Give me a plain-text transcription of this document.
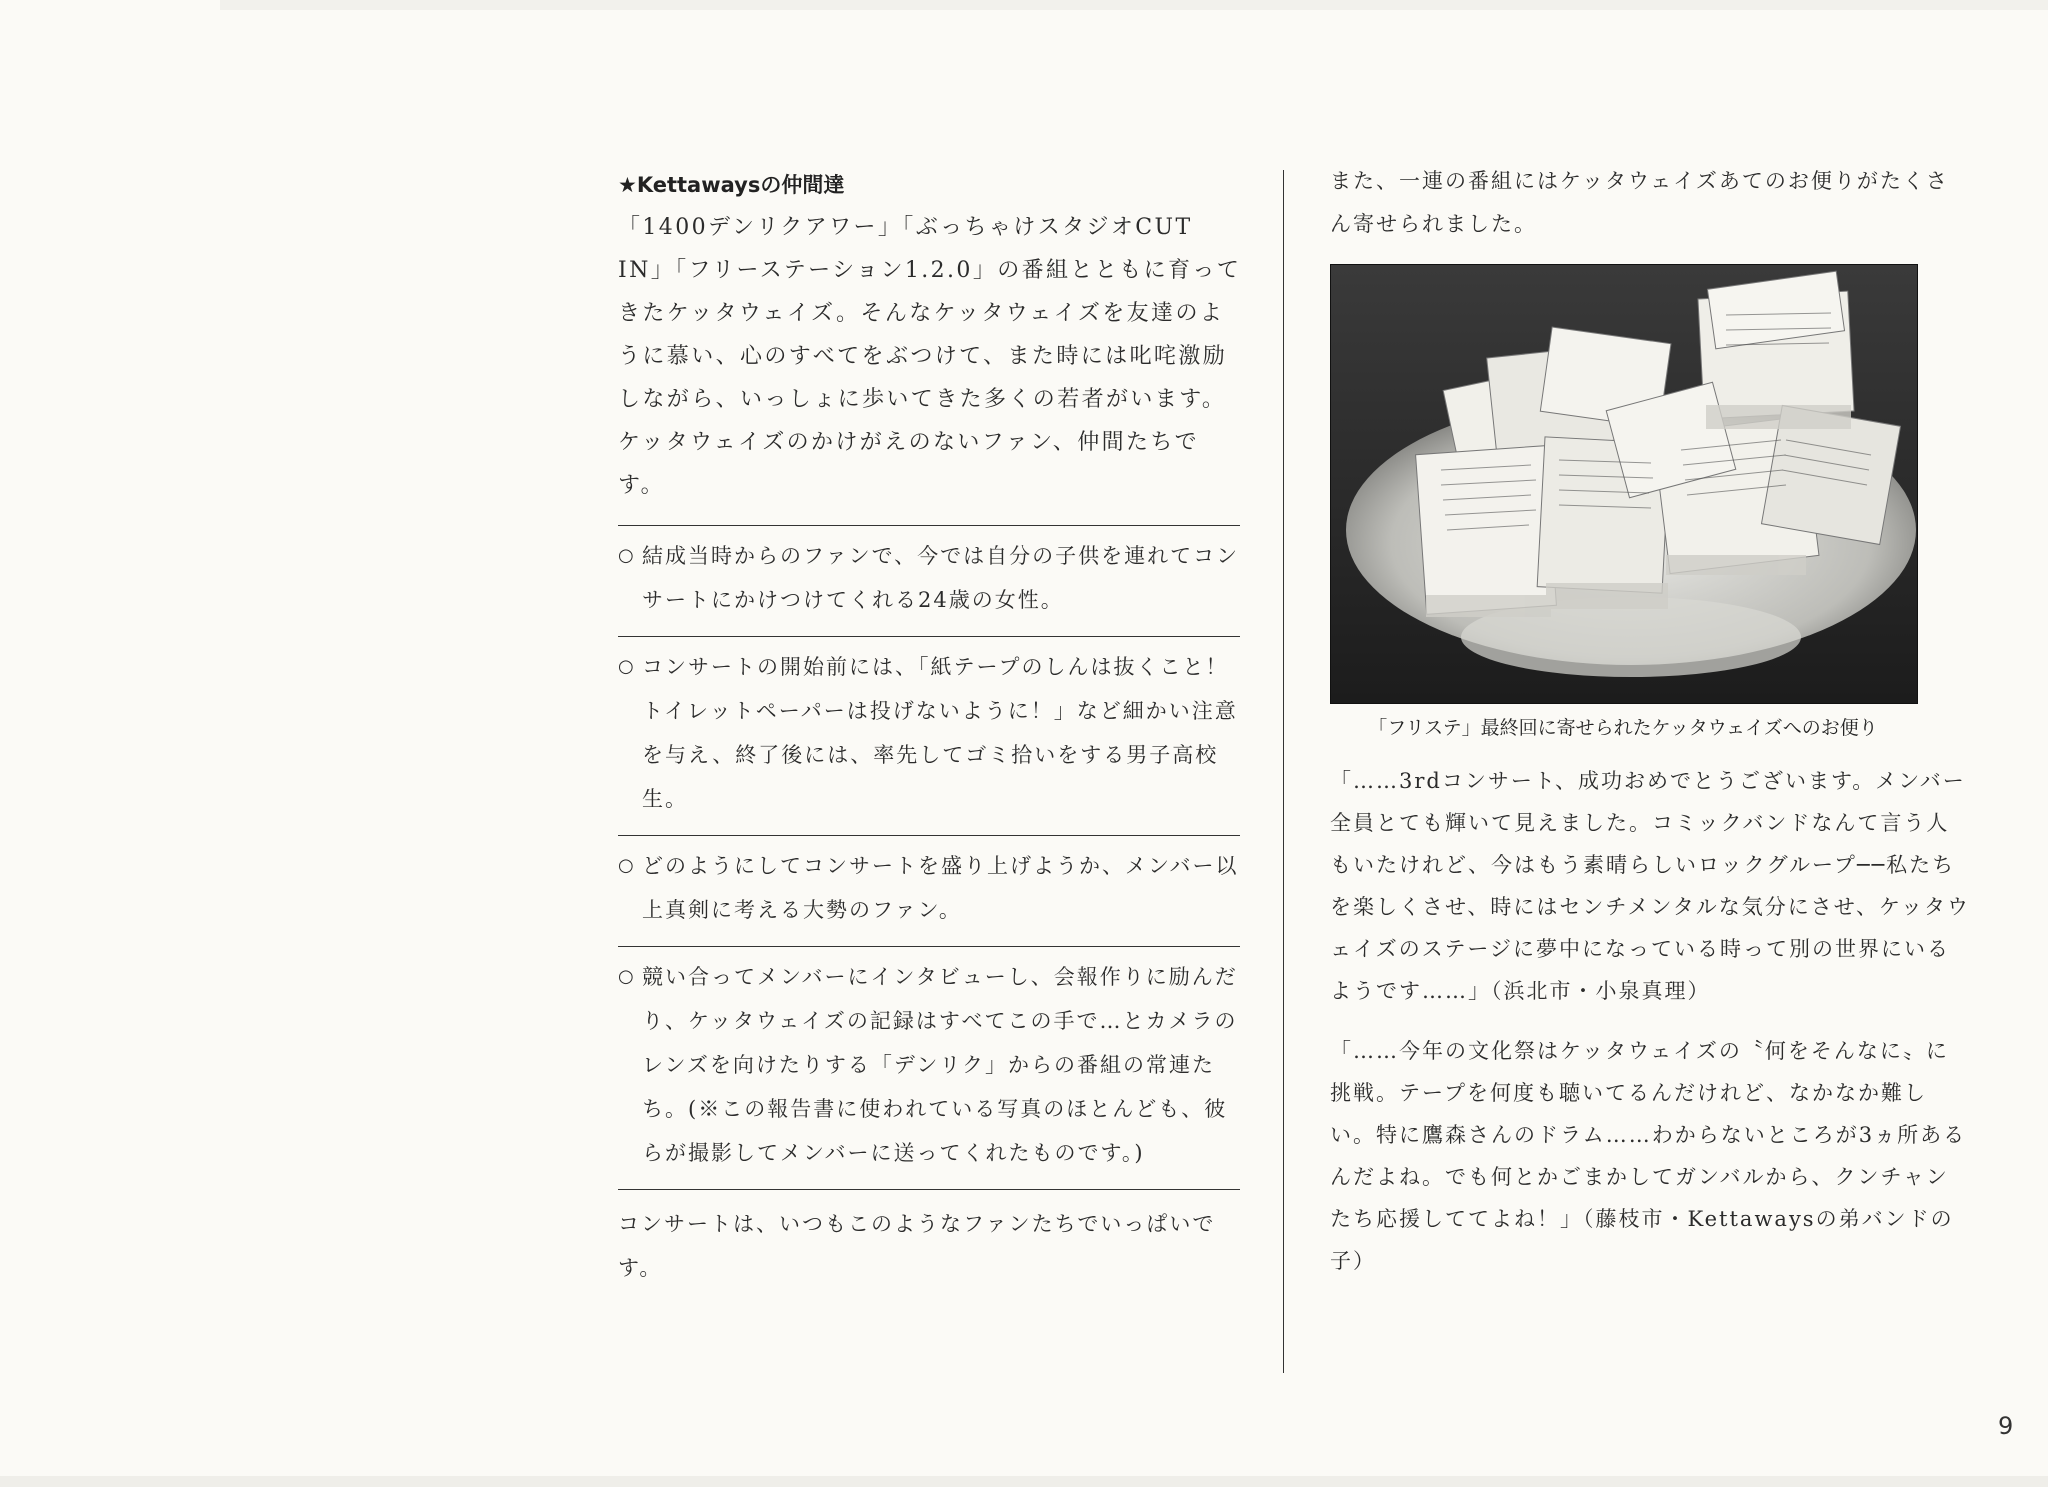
★Kettawaysの仲間達

「1400デンリクアワー」「ぶっちゃけスタジオCUT IN」「フリーステーション1.2.0」の番組とともに育ってきたケッタウェイズ。そんなケッタウェイズを友達のように慕い、心のすべてをぶつけて、また時には叱咤激励しながら、いっしょに歩いてきた多くの若者がいます。ケッタウェイズのかけがえのないファン、仲間たちです。

○ 結成当時からのファンで、今では自分の子供を連れてコンサートにかけつけてくれる24歳の女性。
○ コンサートの開始前には、「紙テープのしんは抜くこと！トイレットペーパーは投げないように！」など細かい注意を与え、終了後には、率先してゴミ拾いをする男子高校生。
○ どのようにしてコンサートを盛り上げようか、メンバー以上真剣に考える大勢のファン。
○ 競い合ってメンバーにインタビューし、会報作りに励んだり、ケッタウェイズの記録はすべてこの手で…とカメラのレンズを向けたりする「デンリク」からの番組の常連たち。(※この報告書に使われている写真のほとんども、彼らが撮影してメンバーに送ってくれたものです。)

コンサートは、いつもこのようなファンたちでいっぱいです。

また、一連の番組にはケッタウェイズあてのお便りがたくさん寄せられました。

「フリステ」最終回に寄せられたケッタウェイズへのお便り

「……3rdコンサート、成功おめでとうございます。メンバー全員とても輝いて見えました。コミックバンドなんて言う人もいたけれど、今はもう素晴らしいロックグループ──私たちを楽しくさせ、時にはセンチメンタルな気分にさせ、ケッタウェイズのステージに夢中になっている時って別の世界にいるようです……」（浜北市・小泉真理）

「……今年の文化祭はケッタウェイズの〝何をそんなに〟に挑戦。テープを何度も聴いてるんだけれど、なかなか難しい。特に鷹森さんのドラム……わからないところが3ヵ所あるんだよね。でも何とかごまかしてガンバルから、クンチャンたち応援しててよね！」（藤枝市・Kettawaysの弟バンドの子）

9
